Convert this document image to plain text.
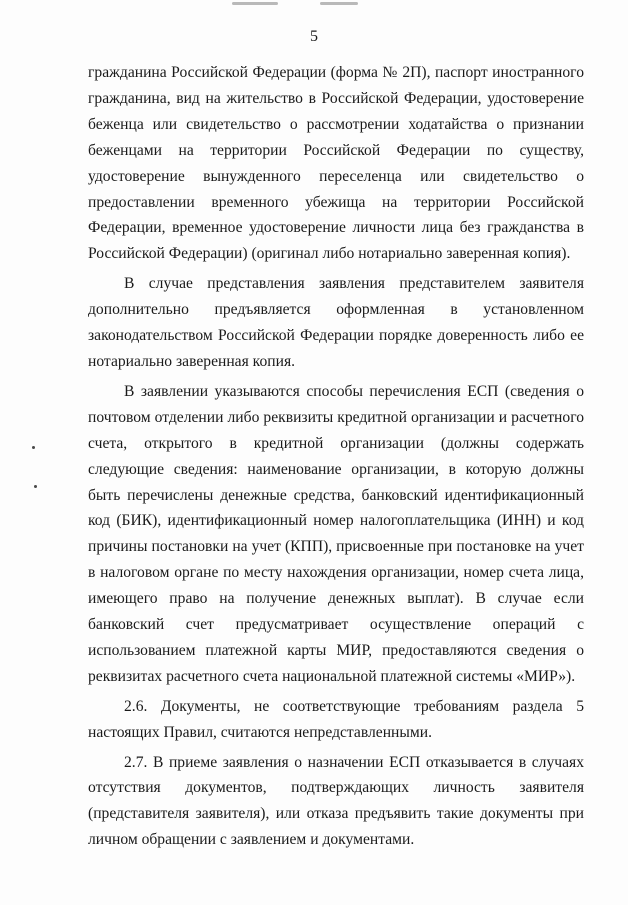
5

гражданина Российской Федерации (форма № 2П), паспорт иностранного гражданина, вид на жительство в Российской Федерации, удостоверение беженца или свидетельство о рассмотрении ходатайства о признании беженцами на территории Российской Федерации по существу, удостоверение вынужденного переселенца или свидетельство о предоставлении временного убежища на территории Российской Федерации, временное удостоверение личности лица без гражданства в Российской Федерации) (оригинал либо нотариально заверенная копия).

В случае представления заявления представителем заявителя дополнительно предъявляется оформленная в установленном законодательством Российской Федерации порядке доверенность либо ее нотариально заверенная копия.

В заявлении указываются способы перечисления ЕСП (сведения о почтовом отделении либо реквизиты кредитной организации и расчетного счета, открытого в кредитной организации (должны содержать следующие сведения: наименование организации, в которую должны быть перечислены денежные средства, банковский идентификационный код (БИК), идентификационный номер налогоплательщика (ИНН) и код причины постановки на учет (КПП), присвоенные при постановке на учет в налоговом органе по месту нахождения организации, номер счета лица, имеющего право на получение денежных выплат). В случае если банковский счет предусматривает осуществление операций с использованием платежной карты МИР, предоставляются сведения о реквизитах расчетного счета национальной платежной системы «МИР»).

2.6. Документы, не соответствующие требованиям раздела 5 настоящих Правил, считаются непредставленными.

2.7. В приеме заявления о назначении ЕСП отказывается в случаях отсутствия документов, подтверждающих личность заявителя (представителя заявителя), или отказа предъявить такие документы при личном обращении с заявлением и документами.
